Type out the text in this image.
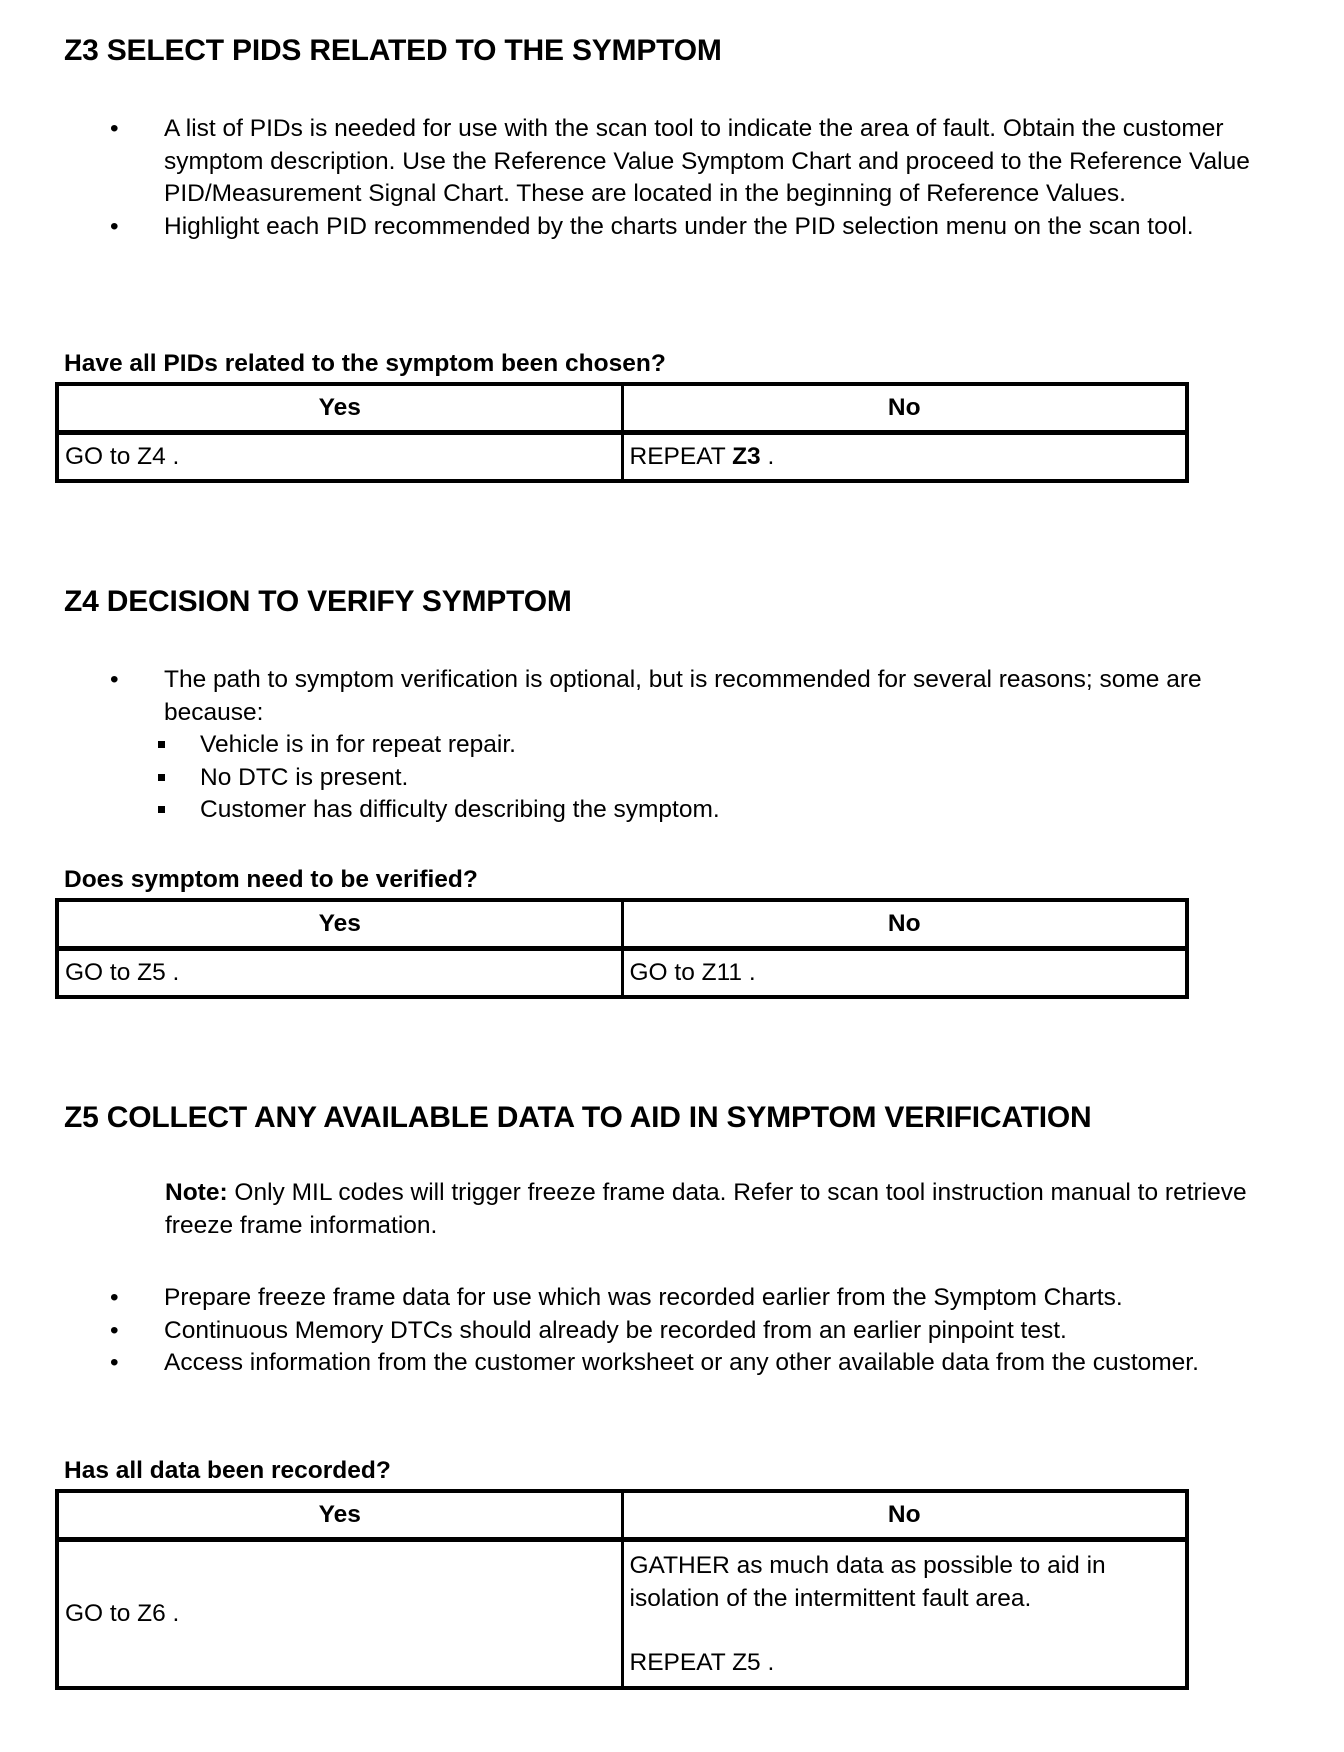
Z3 SELECT PIDS RELATED TO THE SYMPTOM
• A list of PIDs is needed for use with the scan tool to indicate the area of fault. Obtain the customer symptom description. Use the Reference Value Symptom Chart and proceed to the Reference Value PID/Measurement Signal Chart. These are located in the beginning of Reference Values.
• Highlight each PID recommended by the charts under the PID selection menu on the scan tool.

Have all PIDs related to the symptom been chosen?

Yes	No
GO to Z4 .	REPEAT Z3 .
Z4 DECISION TO VERIFY SYMPTOM
• The path to symptom verification is optional, but is recommended for several reasons; some are because:
Vehicle is in for repeat repair.
No DTC is present.
Customer has difficulty describing the symptom.

Does symptom need to be verified?

Yes	No
GO to Z5 .	GO to Z11 .
Z5 COLLECT ANY AVAILABLE DATA TO AID IN SYMPTOM VERIFICATION

Note: Only MIL codes will trigger freeze frame data. Refer to scan tool instruction manual to retrieve freeze frame information.

• Prepare freeze frame data for use which was recorded earlier from the Symptom Charts.
• Continuous Memory DTCs should already be recorded from an earlier pinpoint test.
• Access information from the customer worksheet or any other available data from the customer.

Has all data been recorded?

Yes	No
GO to Z6 .	GATHER as much data as possible to aid in isolation of the intermittent fault area.

REPEAT Z5 .
